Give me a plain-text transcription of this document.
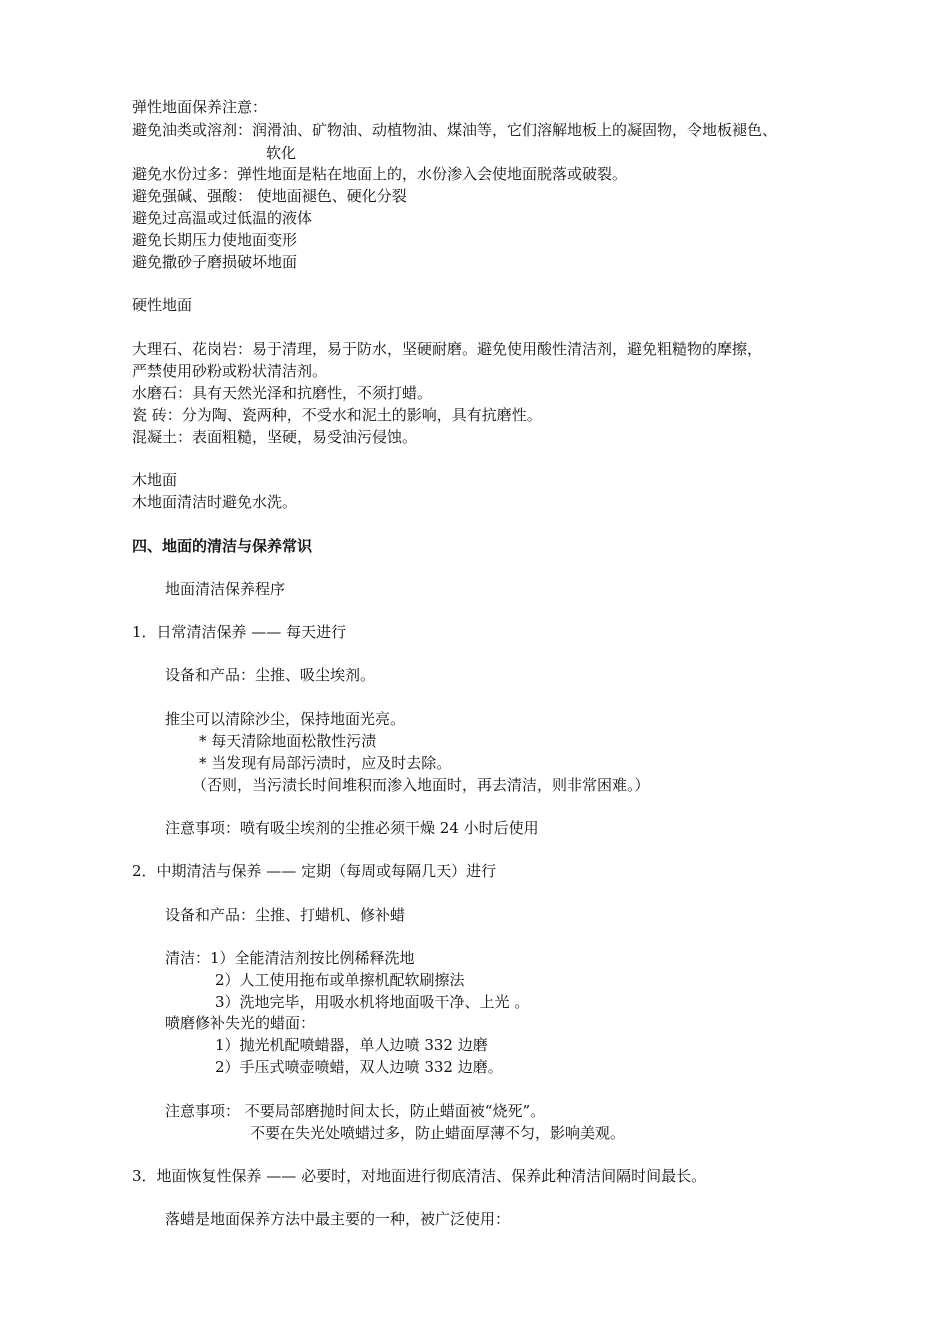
弹性地面保养注意：
避免油类或溶剂：润滑油、矿物油、动植物油、煤油等，它们溶解地板上的凝固物，令地板褪色、
软化
避免水份过多：弹性地面是粘在地面上的，水份渗入会使地面脱落或破裂。
避免强碱、强酸： 使地面褪色、硬化分裂
避免过高温或过低温的液体
避免长期压力使地面变形
避免撒砂子磨损破坏地面
硬性地面
大理石、花岗岩：易于清理，易于防水，坚硬耐磨。避免使用酸性清洁剂，避免粗糙物的摩擦，
严禁使用砂粉或粉状清洁剂。
水磨石：具有天然光泽和抗磨性，不须打蜡。
瓷 砖：分为陶、瓷两种，不受水和泥土的影响，具有抗磨性。
混凝土：表面粗糙，坚硬，易受油污侵蚀。
木地面
木地面清洁时避免水洗。
四、地面的清洁与保养常识
地面清洁保养程序
1．日常清洁保养 —— 每天进行
设备和产品：尘推、吸尘埃剂。
推尘可以清除沙尘，保持地面光亮。
* 每天清除地面松散性污渍
* 当发现有局部污渍时，应及时去除。
（否则，当污渍长时间堆积而渗入地面时，再去清洁，则非常困难。）
注意事项：喷有吸尘埃剂的尘推必须干燥 24 小时后使用
2．中期清洁与保养 —— 定期（每周或每隔几天）进行
设备和产品：尘推、打蜡机、修补蜡
清洁：1）全能清洁剂按比例稀释洗地
2）人工使用拖布或单擦机配软刷擦法
3）洗地完毕，用吸水机将地面吸干净、上光 。
喷磨修补失光的蜡面：
1）抛光机配喷蜡器，单人边喷 332 边磨
2）手压式喷壶喷蜡，双人边喷 332 边磨。
注意事项： 不要局部磨抛时间太长，防止蜡面被“烧死”。
不要在失光处喷蜡过多，防止蜡面厚薄不匀，影响美观。
3．地面恢复性保养 —— 必要时，对地面进行彻底清洁、保养此种清洁间隔时间最长。
落蜡是地面保养方法中最主要的一种，被广泛使用：
